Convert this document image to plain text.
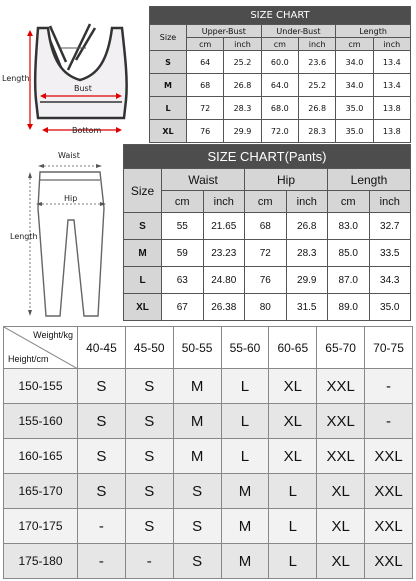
Length
Bust
Bottom
Waist
Hip
Length
SIZE CHART						
Size	Upper-Bust		Under-Bust		Length	
	cm	inch	cm	inch	cm	inch
S	64	25.2	60.0	23.6	34.0	13.4
M	68	26.8	64.0	25.2	34.0	13.4
L	72	28.3	68.0	26.8	35.0	13.8
XL	76	29.9	72.0	28.3	35.0	13.8
SIZE CHART(Pants)						
Size	Waist		Hip		Length	
	cm	inch	cm	inch	cm	inch
S	55	21.65	68	26.8	83.0	32.7
M	59	23.23	72	28.3	85.0	33.5
L	63	24.80	76	29.9	87.0	34.3
XL	67	26.38	80	31.5	89.0	35.0
Weight/kg
Height/cm	40-45	45-50	50-55	55-60	60-65	65-70	70-75
150-155	S	S	M	L	XL	XXL	-
155-160	S	S	M	L	XL	XXL	-
160-165	S	S	M	L	XL	XXL	XXL
165-170	S	S	S	M	L	XL	XXL
170-175	-	S	S	M	L	XL	XXL
175-180	-	-	S	M	L	XL	XXL
